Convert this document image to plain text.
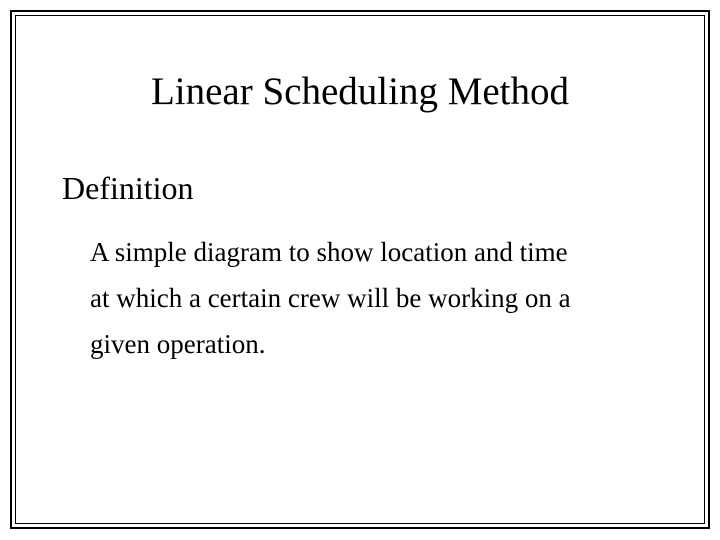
Linear Scheduling Method
Definition
A simple diagram to show location and time
at which a certain crew will be working on a
given operation.
